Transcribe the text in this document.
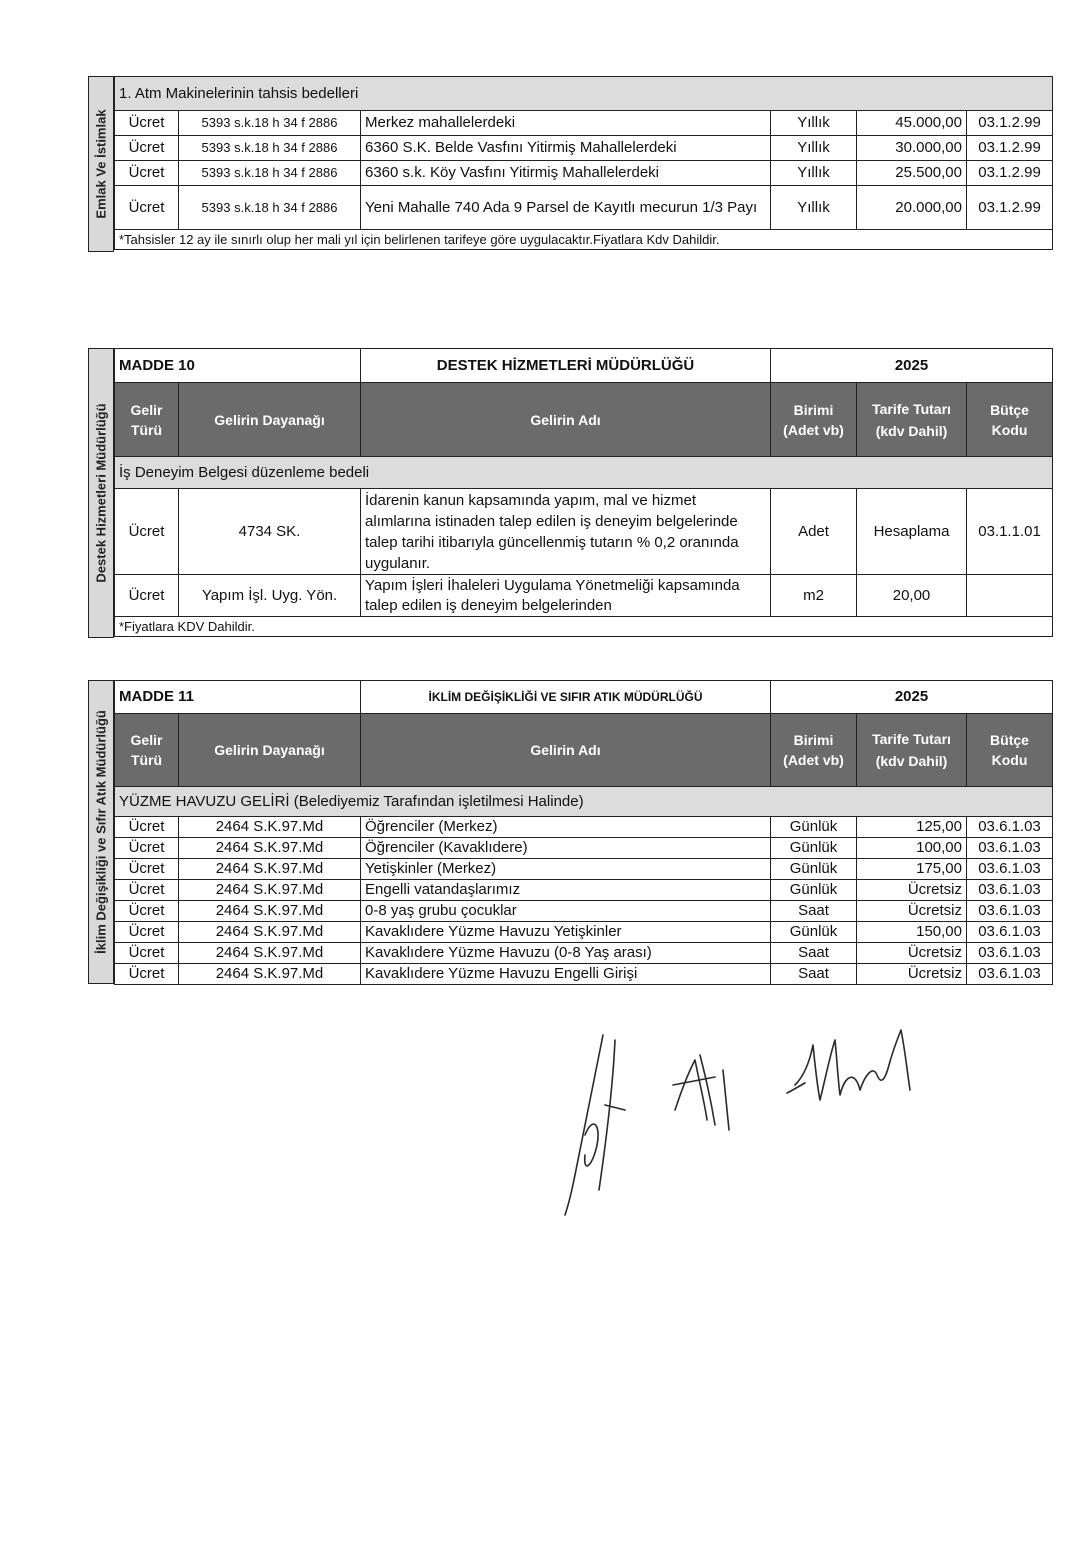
Emlak Ve İstimlak
1. Atm Makinelerinin tahsis bedelleri					
Ücret	5393 s.k.18 h 34 f 2886	Merkez mahallelerdeki	Yıllık	45.000,00	03.1.2.99
Ücret	5393 s.k.18 h 34 f 2886	6360 S.K. Belde Vasfını Yitirmiş Mahallelerdeki	Yıllık	30.000,00	03.1.2.99
Ücret	5393 s.k.18 h 34 f 2886	6360 s.k. Köy Vasfını Yitirmiş Mahallelerdeki	Yıllık	25.500,00	03.1.2.99
Ücret	5393 s.k.18 h 34 f 2886	Yeni Mahalle 740 Ada 9 Parsel de Kayıtlı mecurun 1/3 Payı	Yıllık	20.000,00	03.1.2.99
*Tahsisler 12 ay ile sınırlı olup her mali yıl için belirlenen tarifeye göre uygulacaktır.Fiyatlara Kdv Dahildir.					
Destek Hizmetleri Müdürlüğü
MADDE 10		DESTEK HİZMETLERİ MÜDÜRLÜĞÜ	2025		
Gelir Türü	Gelirin Dayanağı	Gelirin Adı	Birimi (Adet vb)	Tarife Tutarı (kdv Dahil)	Bütçe Kodu
İş Deneyim Belgesi düzenleme bedeli					
Ücret	4734 SK.	İdarenin kanun kapsamında yapım, mal ve hizmet alımlarına istinaden talep edilen iş deneyim belgelerinde talep tarihi itibarıyla güncellenmiş tutarın % 0,2 oranında uygulanır.	Adet	Hesaplama	03.1.1.01
Ücret	Yapım İşl. Uyg. Yön.	Yapım İşleri İhaleleri Uygulama Yönetmeliği kapsamında talep edilen iş deneyim belgelerinden	m2	20,00	
*Fiyatlara KDV Dahildir.					
İklim Değişikliği ve Sıfır Atık Müdürlüğü
MADDE 11		İKLİM DEĞİŞİKLİĞİ VE SIFIR ATIK MÜDÜRLÜĞÜ	2025		
Gelir Türü	Gelirin Dayanağı	Gelirin Adı	Birimi (Adet vb)	Tarife Tutarı (kdv Dahil)	Bütçe Kodu
YÜZME HAVUZU GELİRİ (Belediyemiz Tarafından işletilmesi Halinde)					
Ücret	2464 S.K.97.Md	Öğrenciler (Merkez)	Günlük	125,00	03.6.1.03
Ücret	2464 S.K.97.Md	Öğrenciler (Kavaklıdere)	Günlük	100,00	03.6.1.03
Ücret	2464 S.K.97.Md	Yetişkinler (Merkez)	Günlük	175,00	03.6.1.03
Ücret	2464 S.K.97.Md	Engelli vatandaşlarımız	Günlük	Ücretsiz	03.6.1.03
Ücret	2464 S.K.97.Md	0-8 yaş grubu çocuklar	Saat	Ücretsiz	03.6.1.03
Ücret	2464 S.K.97.Md	Kavaklıdere Yüzme Havuzu Yetişkinler	Günlük	150,00	03.6.1.03
Ücret	2464 S.K.97.Md	Kavaklıdere Yüzme Havuzu (0-8 Yaş arası)	Saat	Ücretsiz	03.6.1.03
Ücret	2464 S.K.97.Md	Kavaklıdere Yüzme Havuzu Engelli Girişi	Saat	Ücretsiz	03.6.1.03
